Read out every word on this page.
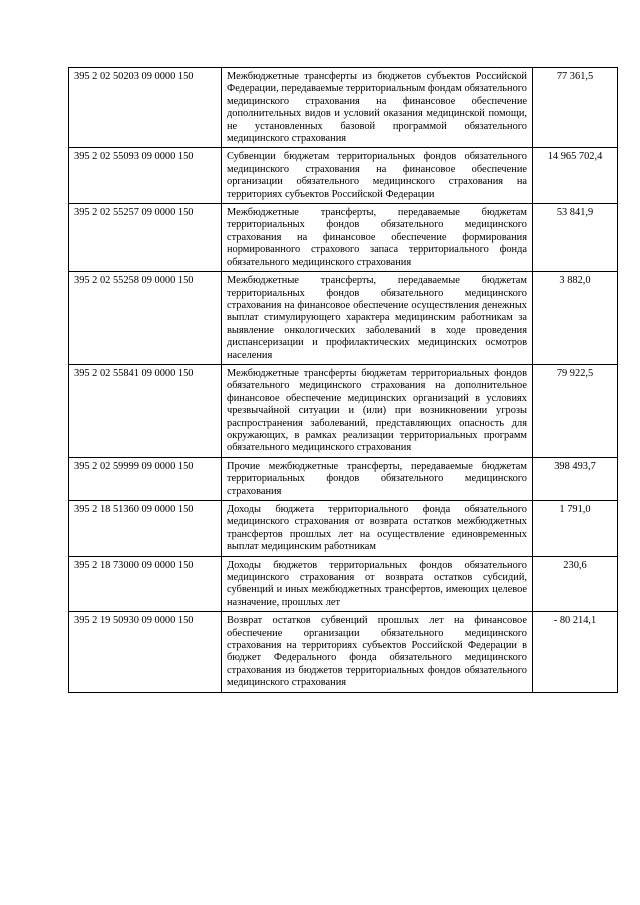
395 2 02 50203 09 0000 150	Межбюджетные трансферты из бюджетов субъектов Российской Федерации, передаваемые территориальным фондам обязательного медицинского страхования на финансовое обеспечение дополнительных видов и условий оказания медицинской помощи, не установленных базовой программой обязательного медицинского страхования	77 361,5
395 2 02 55093 09 0000 150	Субвенции бюджетам территориальных фондов обязательного медицинского страхования на финансовое обеспечение организации обязательного медицинского страхования на территориях субъектов Российской Федерации	14 965 702,4
395 2 02 55257 09 0000 150	Межбюджетные трансферты, передаваемые бюджетам территориальных фондов обязательного медицинского страхования на финансовое обеспечение формирования нормированного страхового запаса территориального фонда обязательного медицинского страхования	53 841,9
395 2 02 55258 09 0000 150	Межбюджетные трансферты, передаваемые бюджетам территориальных фондов обязательного медицинского страхования на финансовое обеспечение осуществления денежных выплат стимулирующего характера медицинским работникам за выявление онкологических заболеваний в ходе проведения диспансеризации и профилактических медицинских осмотров населения	3 882,0
395 2 02 55841 09 0000 150	Межбюджетные трансферты бюджетам территориальных фондов обязательного медицинского страхования на дополнительное финансовое обеспечение медицинских организаций в условиях чрезвычайной ситуации и (или) при возникновении угрозы распространения заболеваний, представляющих опасность для окружающих, в рамках реализации территориальных программ обязательного медицинского страхования	79 922,5
395 2 02 59999 09 0000 150	Прочие межбюджетные трансферты, передаваемые бюджетам территориальных фондов обязательного медицинского страхования	398 493,7
395 2 18 51360 09 0000 150	Доходы бюджета территориального фонда обязательного медицинского страхования от возврата остатков межбюджетных трансфертов прошлых лет на осуществление единовременных выплат медицинским работникам	1 791,0
395 2 18 73000 09 0000 150	Доходы бюджетов территориальных фондов обязательного медицинского страхования от возврата остатков субсидий, субвенций и иных межбюджетных трансфертов, имеющих целевое назначение, прошлых лет	230,6
395 2 19 50930 09 0000 150	Возврат остатков субвенций прошлых лет на финансовое обеспечение организации обязательного медицинского страхования на территориях субъектов Российской Федерации в бюджет Федерального фонда обязательного медицинского страхования из бюджетов территориальных фондов обязательного медицинского страхования	- 80 214,1
